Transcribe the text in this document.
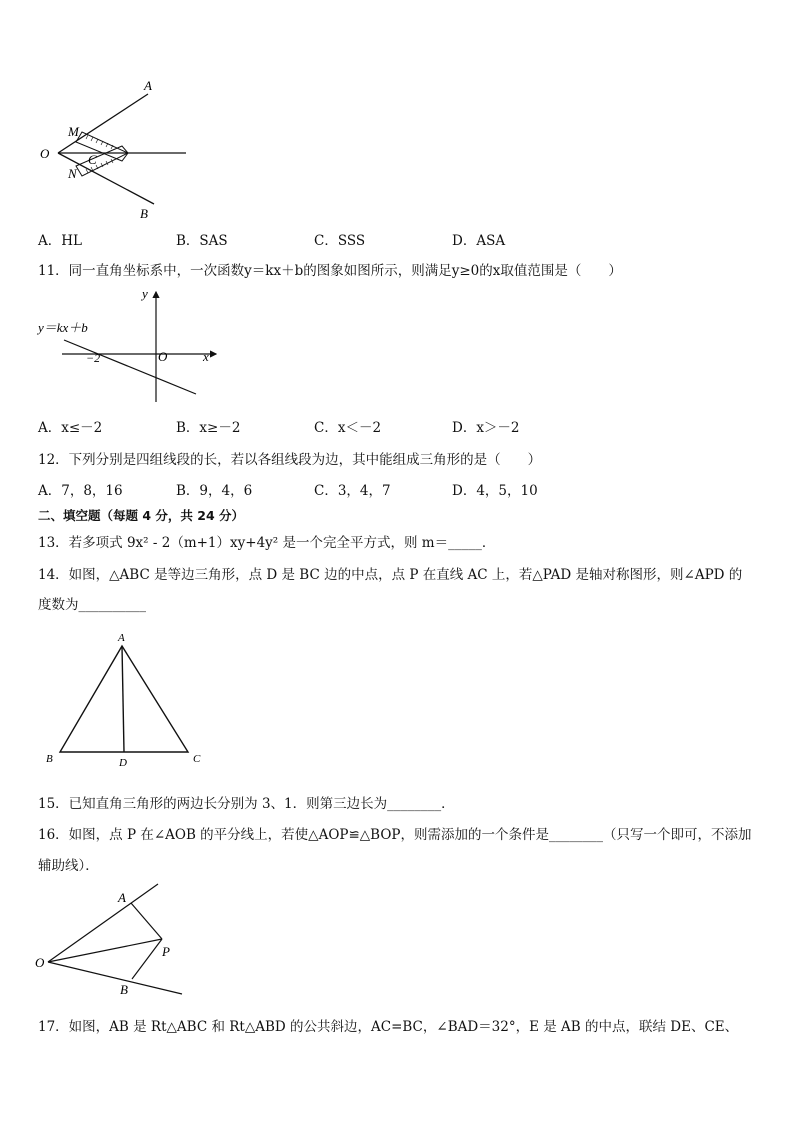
A
B
O
M
N
C
A．HL	B．SAS	C．SSS	D．ASA
11．同一直角坐标系中，一次函数y＝kx＋b的图象如图所示，则满足y≥0的x取值范围是（　　）
y
x
O
−2
y＝kx＋b
A．x≤－2	B．x≥－2	C．x＜－2	D．x＞－2
12．下列分别是四组线段的长，若以各组线段为边，其中能组成三角形的是（　　）
A．7，8，16	B．9，4，6	C．3，4，7	D．4，5，10
二、填空题（每题 4 分，共 24 分）
13．若多项式 9x² - 2（m+1）xy+4y² 是一个完全平方式，则 m＝_____．
14．如图，△ABC 是等边三角形，点 D 是 BC 边的中点，点 P 在直线 AC 上，若△PAD 是轴对称图形，则∠APD 的
度数为__________
A
B	C
D
15．已知直角三角形的两边长分别为 3、1．则第三边长为________．
16．如图，点 P 在∠AOB 的平分线上，若使△AOP≌△BOP，则需添加的一个条件是________（只写一个即可，不添加
辅助线）．
A
O
P
B
17．如图，AB 是 Rt△ABC 和 Rt△ABD 的公共斜边，AC=BC，∠BAD＝32°，E 是 AB 的中点，联结 DE、CE、
